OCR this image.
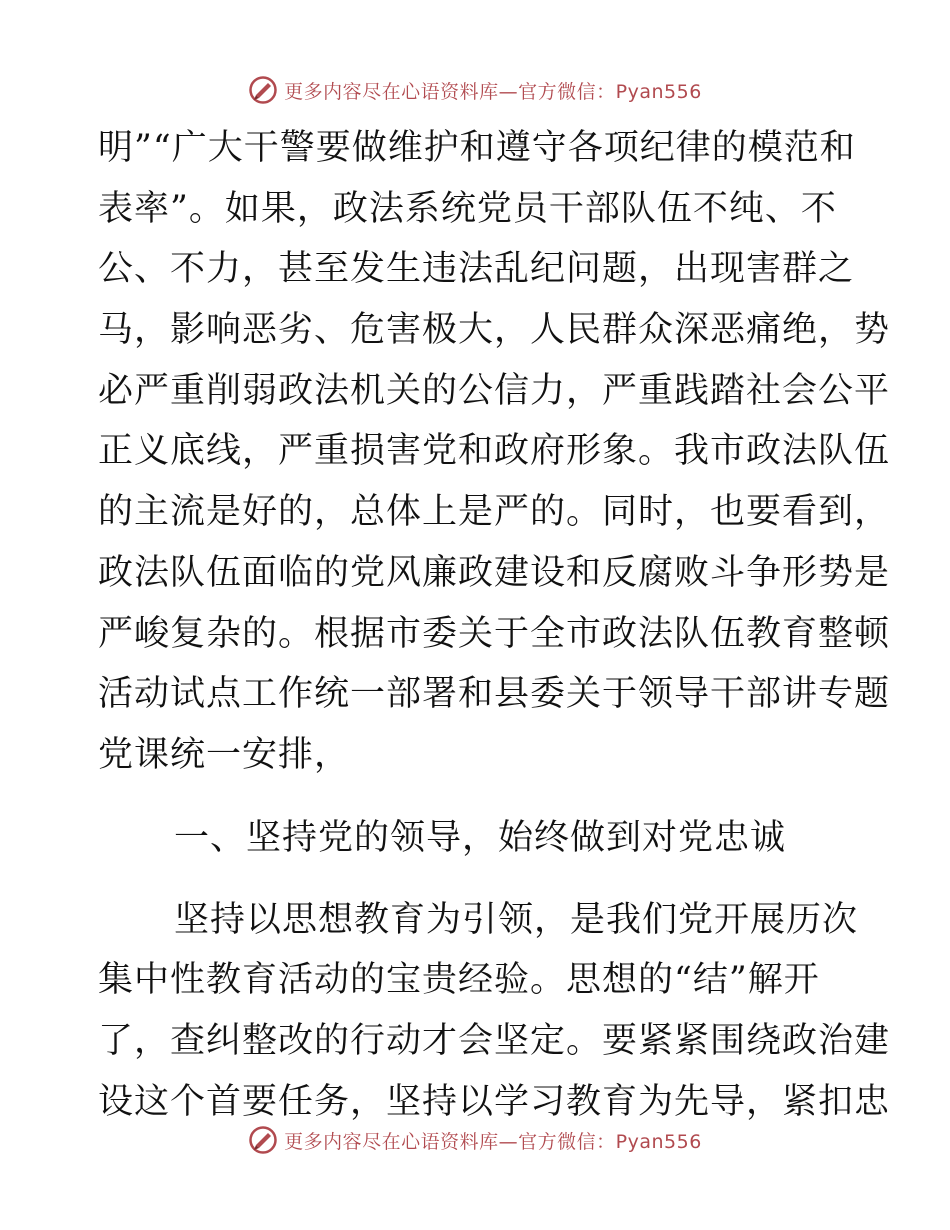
更多内容尽在心语资料库—官方微信：Pyan556
明”“广大干警要做维护和遵守各项纪律的模范和
表率”。如果，政法系统党员干部队伍不纯、不
公、不力，甚至发生违法乱纪问题，出现害群之
马，影响恶劣、危害极大，人民群众深恶痛绝，势
必严重削弱政法机关的公信力，严重践踏社会公平
正义底线，严重损害党和政府形象。我市政法队伍
的主流是好的，总体上是严的。同时，也要看到，
政法队伍面临的党风廉政建设和反腐败斗争形势是
严峻复杂的。根据市委关于全市政法队伍教育整顿
活动试点工作统一部署和县委关于领导干部讲专题
党课统一安排，
一、坚持党的领导，始终做到对党忠诚
坚持以思想教育为引领，是我们党开展历次
集中性教育活动的宝贵经验。思想的“结”解开
了，查纠整改的行动才会坚定。要紧紧围绕政治建
设这个首要任务，坚持以学习教育为先导，紧扣忠
更多内容尽在心语资料库—官方微信：Pyan556
